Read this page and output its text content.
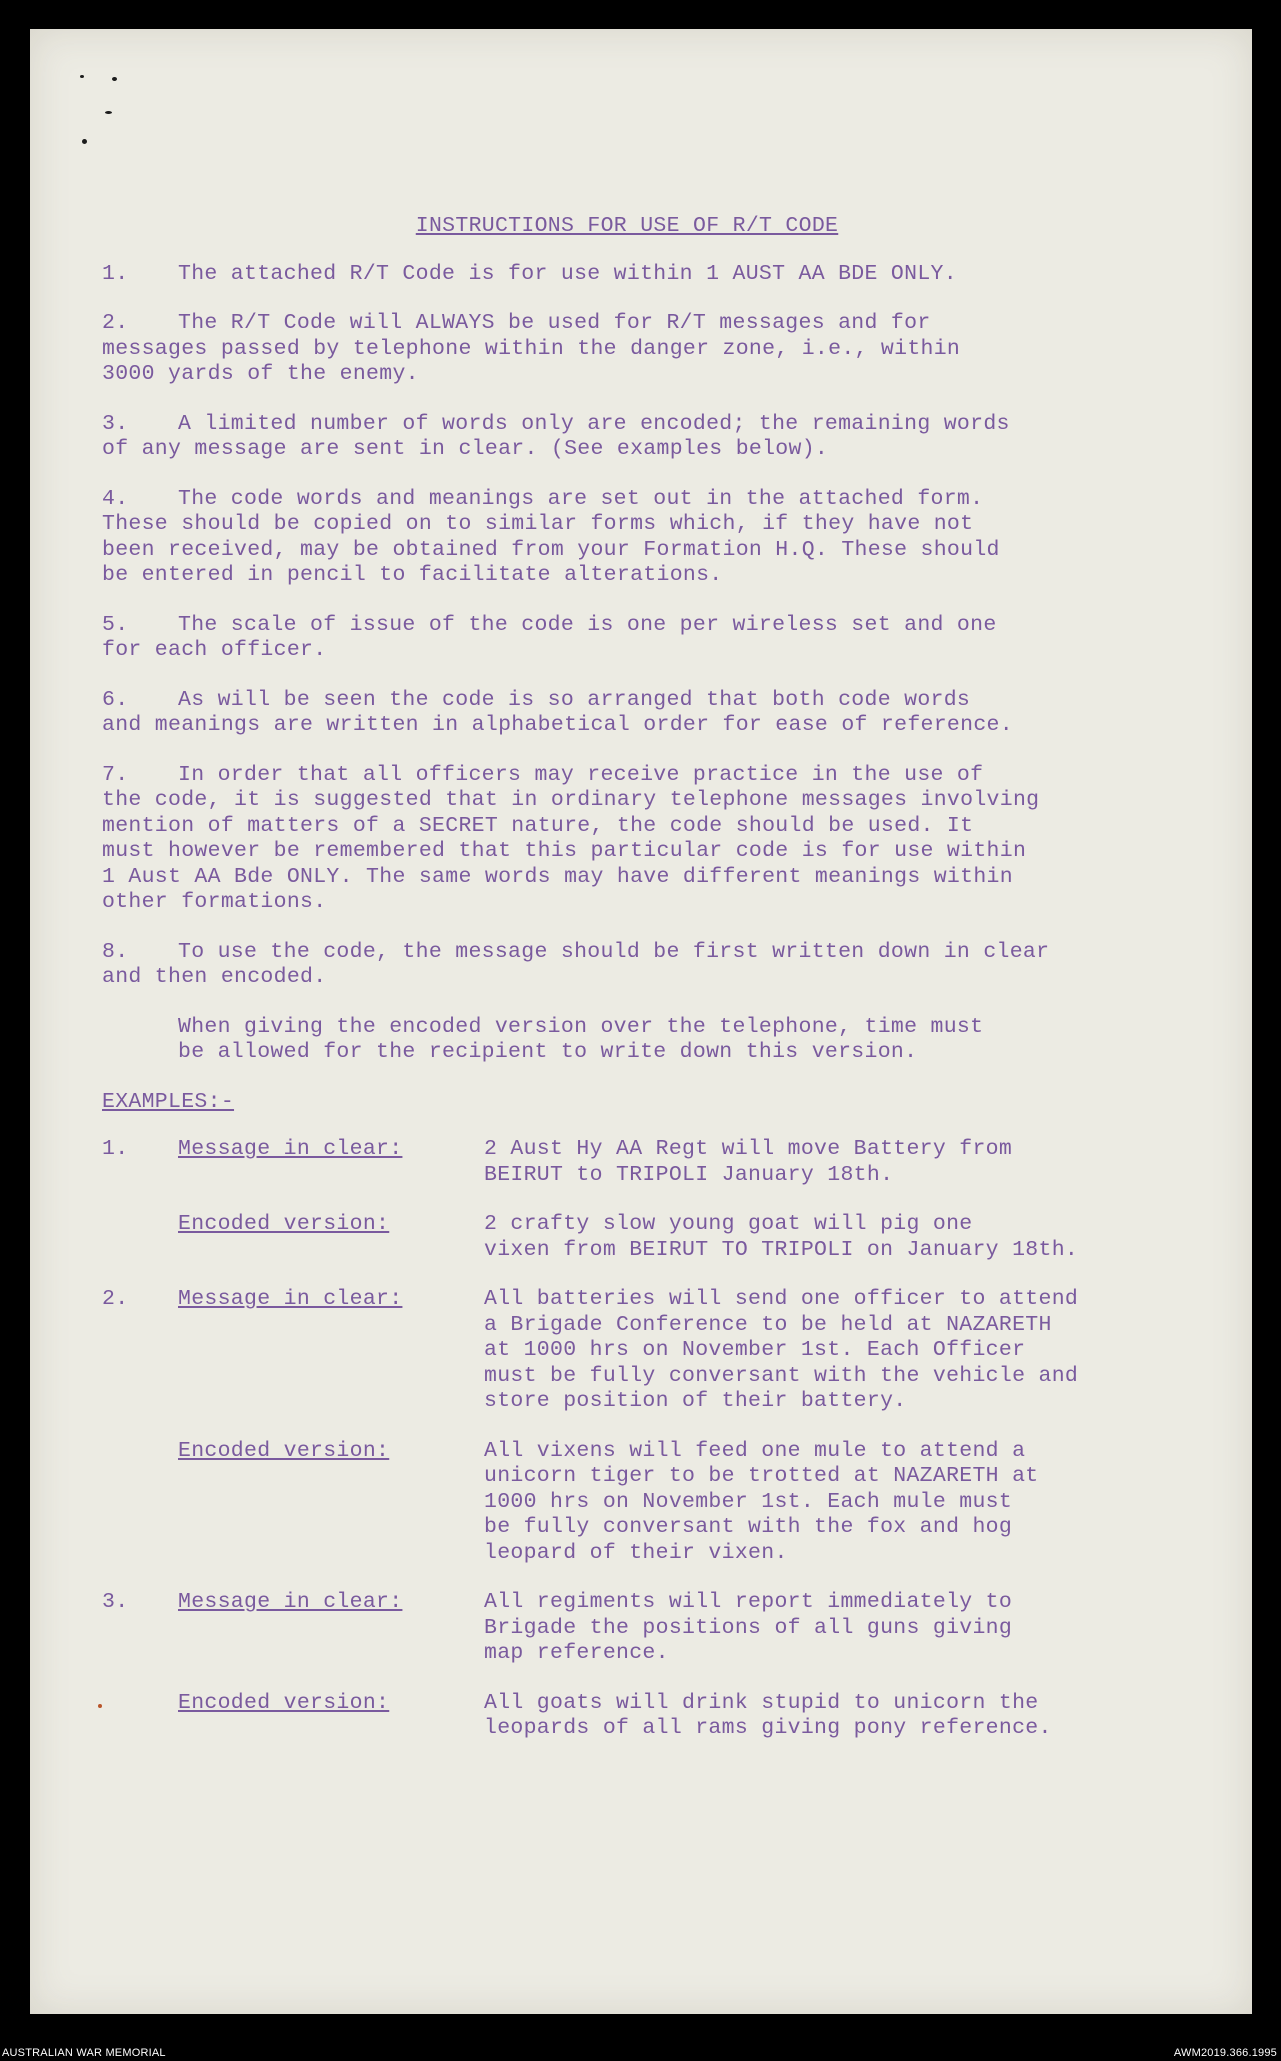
INSTRUCTIONS FOR USE OF R/T CODE
1. The attached R/T Code is for use within 1 AUST AA BDE ONLY.
2. The R/T Code will ALWAYS be used for R/T messages and for
messages passed by telephone within the danger zone, i.e., within
3000 yards of the enemy.
3. A limited number of words only are encoded; the remaining words
of any message are sent in clear. (See examples below).
4. The code words and meanings are set out in the attached form.
These should be copied on to similar forms which, if they have not
been received, may be obtained from your Formation H.Q. These should
be entered in pencil to facilitate alterations.
5. The scale of issue of the code is one per wireless set and one
for each officer.
6. As will be seen the code is so arranged that both code words
and meanings are written in alphabetical order for ease of reference.
7. In order that all officers may receive practice in the use of
the code, it is suggested that in ordinary telephone messages involving
mention of matters of a SECRET nature, the code should be used. It
must however be remembered that this particular code is for use within
1 Aust AA Bde ONLY. The same words may have different meanings within
other formations.
8. To use the code, the message should be first written down in clear
and then encoded.
When giving the encoded version over the telephone, time must
be allowed for the recipient to write down this version.
EXAMPLES:-
1.	Message in clear:	2 Aust Hy AA Regt will move Battery from
BEIRUT to TRIPOLI January 18th.
Encoded version:	2 crafty slow young goat will pig one
vixen from BEIRUT TO TRIPOLI on January 18th.
2.	Message in clear:	All batteries will send one officer to attend
a Brigade Conference to be held at NAZARETH
at 1000 hrs on November 1st. Each Officer
must be fully conversant with the vehicle and
store position of their battery.
Encoded version:	All vixens will feed one mule to attend a
unicorn tiger to be trotted at NAZARETH at
1000 hrs on November 1st. Each mule must
be fully conversant with the fox and hog
leopard of their vixen.
3.	Message in clear:	All regiments will report immediately to
Brigade the positions of all guns giving
map reference.
Encoded version:	All goats will drink stupid to unicorn the
leopards of all rams giving pony reference.
AUSTRALIAN WAR MEMORIAL	AWM2019.366.1995
